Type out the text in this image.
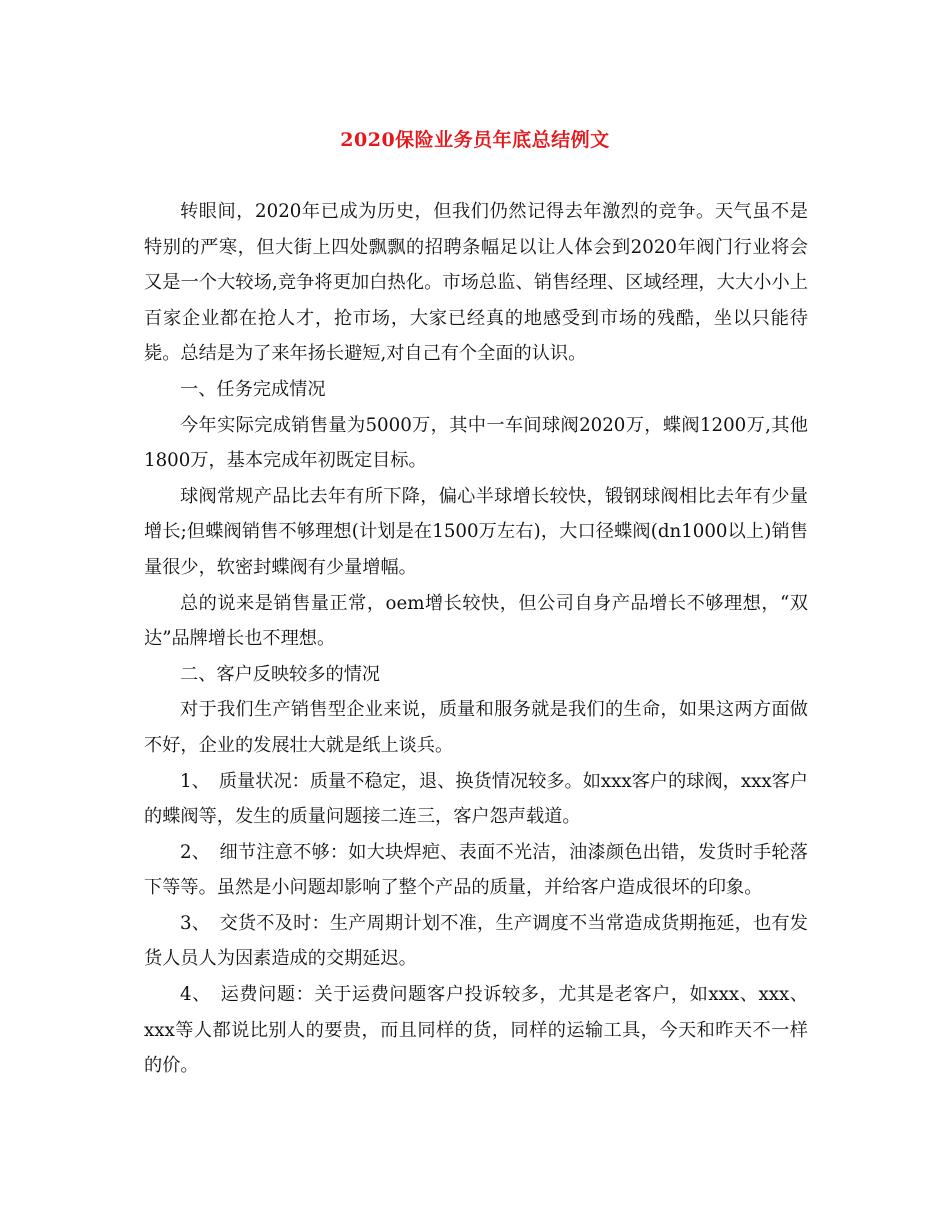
2020保险业务员年底总结例文

转眼间，2020年已成为历史，但我们仍然记得去年激烈的竞争。天气虽不是特别的严寒，但大街上四处飘飘的招聘条幅足以让人体会到2020年阀门行业将会又是一个大较场,竞争将更加白热化。市场总监、销售经理、区域经理，大大小小上百家企业都在抢人才，抢市场，大家已经真的地感受到市场的残酷，坐以只能待毙。总结是为了来年扬长避短,对自己有个全面的认识。

一、任务完成情况

今年实际完成销售量为5000万，其中一车间球阀2020万，蝶阀1200万,其他1800万，基本完成年初既定目标。

球阀常规产品比去年有所下降，偏心半球增长较快，锻钢球阀相比去年有少量增长;但蝶阀销售不够理想(计划是在1500万左右)，大口径蝶阀(dn1000以上)销售量很少，软密封蝶阀有少量增幅。

总的说来是销售量正常，oem增长较快，但公司自身产品增长不够理想，“双达”品牌增长也不理想。

二、客户反映较多的情况

对于我们生产销售型企业来说，质量和服务就是我们的生命，如果这两方面做不好，企业的发展壮大就是纸上谈兵。

1、　质量状况：质量不稳定，退、换货情况较多。如xxx客户的球阀，xxx客户的蝶阀等，发生的质量问题接二连三，客户怨声载道。

2、　细节注意不够：如大块焊疤、表面不光洁，油漆颜色出错，发货时手轮落下等等。虽然是小问题却影响了整个产品的质量，并给客户造成很坏的印象。

3、　交货不及时：生产周期计划不准，生产调度不当常造成货期拖延，也有发货人员人为因素造成的交期延迟。

4、　运费问题：关于运费问题客户投诉较多，尤其是老客户，如xxx、xxx、xxx等人都说比别人的要贵，而且同样的货，同样的运输工具，今天和昨天不一样的价。
